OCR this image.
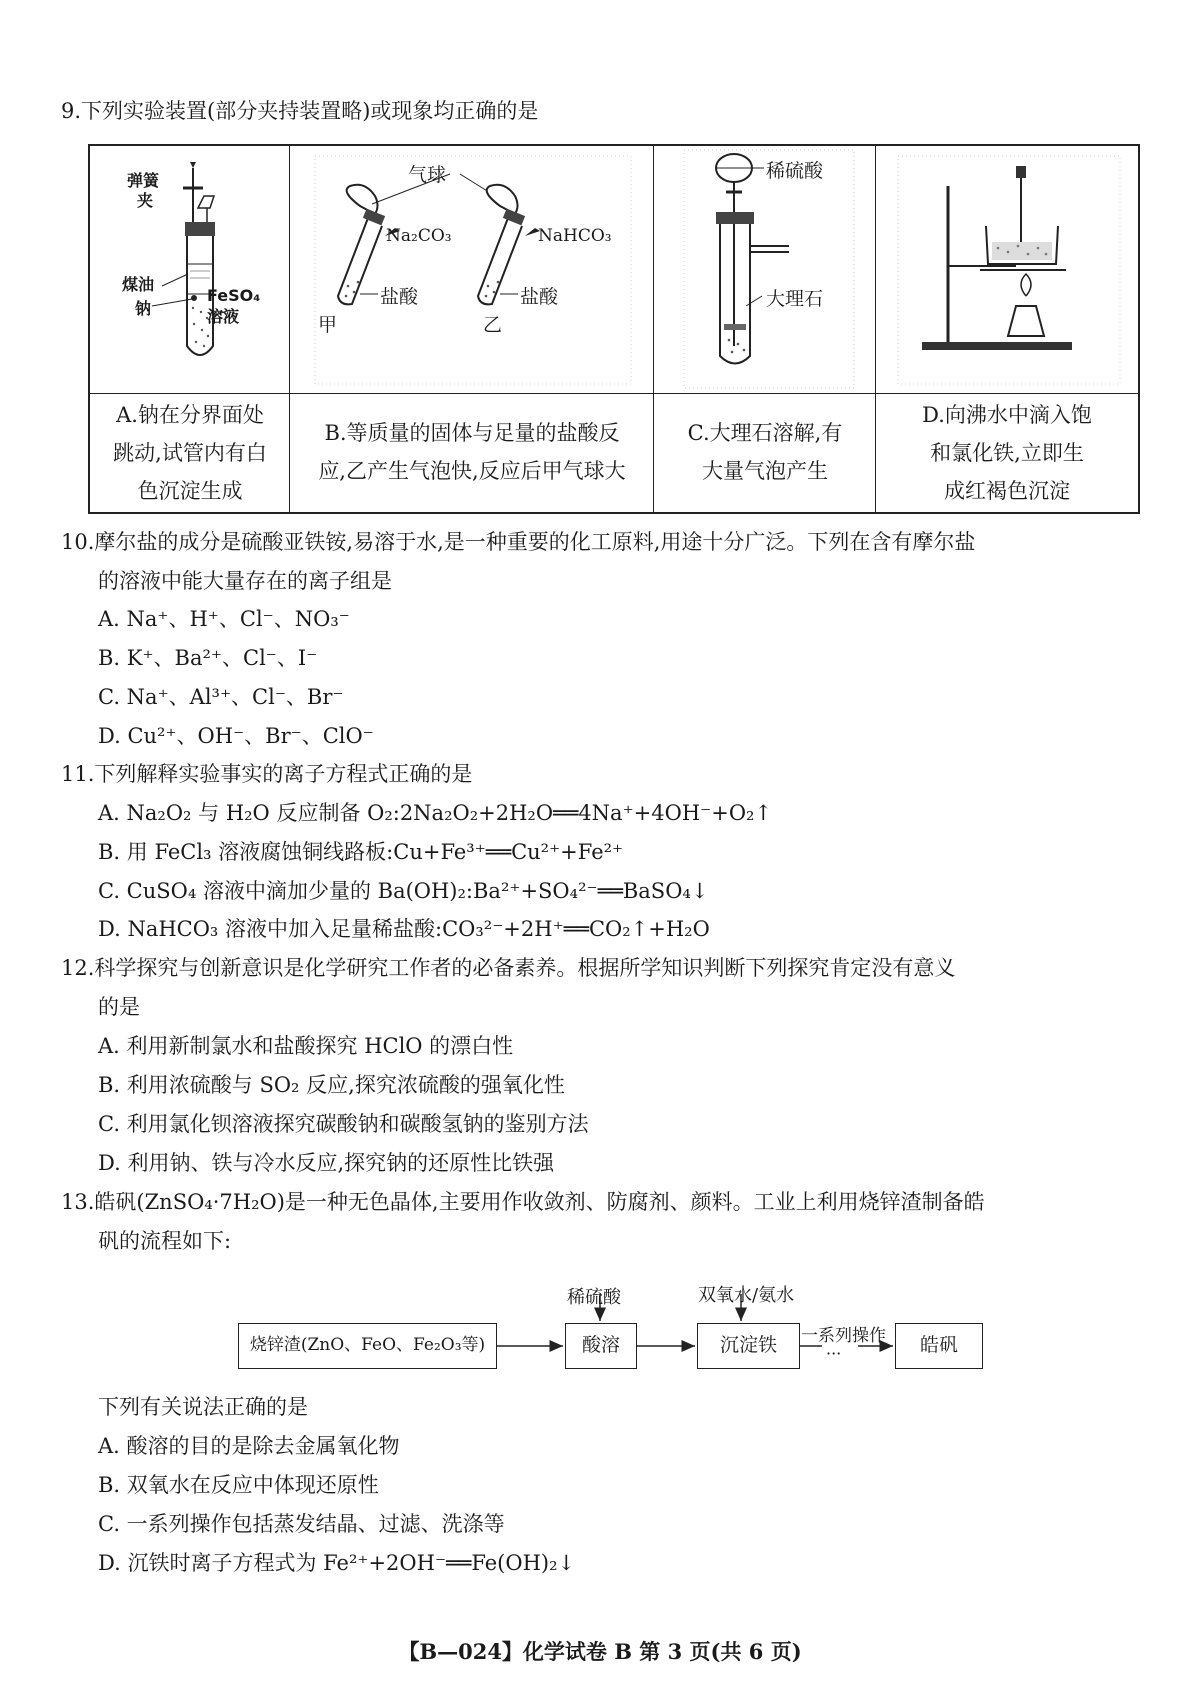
9.下列实验装置(部分夹持装置略)或现象均正确的是
弹簧
夹
煤油
钠
FeSO₄
溶液
气球
Na₂CO₃	NaHCO₃
盐酸	盐酸
甲	乙
稀硫酸
大理石
A.钠在分界面处
跳动,试管内有白
色沉淀生成
B.等质量的固体与足量的盐酸反
应,乙产生气泡快,反应后甲气球大
C.大理石溶解,有
大量气泡产生
D.向沸水中滴入饱
和氯化铁,立即生
成红褐色沉淀
10.摩尔盐的成分是硫酸亚铁铵,易溶于水,是一种重要的化工原料,用途十分广泛。下列在含有摩尔盐
的溶液中能大量存在的离子组是
A. Na⁺、H⁺、Cl⁻、NO₃⁻
B. K⁺、Ba²⁺、Cl⁻、I⁻
C. Na⁺、Al³⁺、Cl⁻、Br⁻
D. Cu²⁺、OH⁻、Br⁻、ClO⁻
11.下列解释实验事实的离子方程式正确的是
A. Na₂O₂ 与 H₂O 反应制备 O₂:2Na₂O₂+2H₂O══4Na⁺+4OH⁻+O₂↑
B. 用 FeCl₃ 溶液腐蚀铜线路板:Cu+Fe³⁺══Cu²⁺+Fe²⁺
C. CuSO₄ 溶液中滴加少量的 Ba(OH)₂:Ba²⁺+SO₄²⁻══BaSO₄↓
D. NaHCO₃ 溶液中加入足量稀盐酸:CO₃²⁻+2H⁺══CO₂↑+H₂O
12.科学探究与创新意识是化学研究工作者的必备素养。根据所学知识判断下列探究肯定没有意义
的是
A. 利用新制氯水和盐酸探究 HClO 的漂白性
B. 利用浓硫酸与 SO₂ 反应,探究浓硫酸的强氧化性
C. 利用氯化钡溶液探究碳酸钠和碳酸氢钠的鉴别方法
D. 利用钠、铁与冷水反应,探究钠的还原性比铁强
13.皓矾(ZnSO₄·7H₂O)是一种无色晶体,主要用作收敛剂、防腐剂、颜料。工业上利用烧锌渣制备皓
矾的流程如下:
烧锌渣(ZnO、FeO、Fe₂O₃等)	酸溶	沉淀铁	皓矾
稀硫酸	双氧水/氨水
一系列操作
···
下列有关说法正确的是
A. 酸溶的目的是除去金属氧化物
B. 双氧水在反应中体现还原性
C. 一系列操作包括蒸发结晶、过滤、洗涤等
D. 沉铁时离子方程式为 Fe²⁺+2OH⁻══Fe(OH)₂↓
【B—024】化学试卷 B 第 3 页(共 6 页)
